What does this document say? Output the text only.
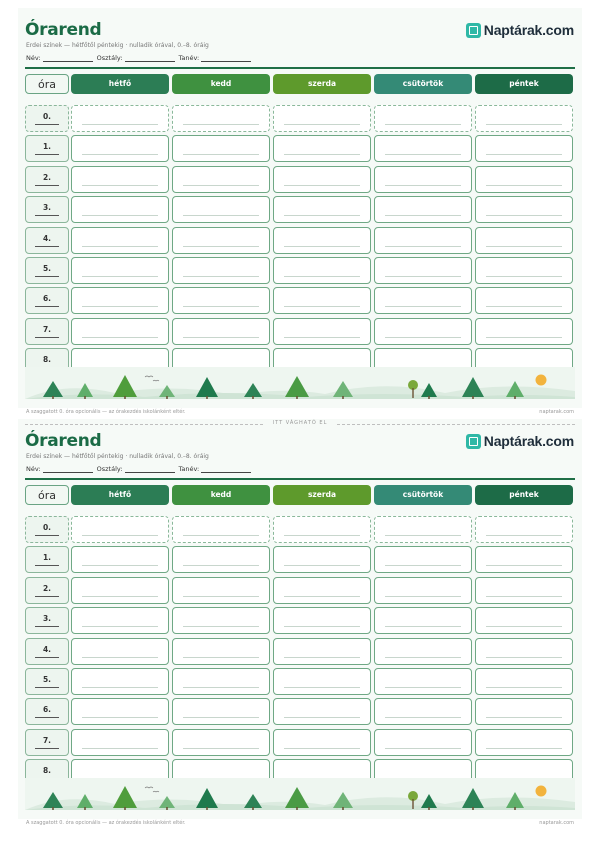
Órarend
Erdei színek — hétfőtől péntekig · nulladik órával, 0.–8. óráig
Név:	Osztály:	Tanév:
Naptárak.com
óra	hétfő	kedd	szerda	csütörtök	péntek
0.
1.
2.
3.
4.
5.
6.
7.
8.
A szaggatott 0. óra opcionális — az órakezdés iskolánként eltér.	naptarak.com
Órarend
Erdei színek — hétfőtől péntekig · nulladik órával, 0.–8. óráig
Név:	Osztály:	Tanév:
Naptárak.com
óra	hétfő	kedd	szerda	csütörtök	péntek
0.
1.
2.
3.
4.
5.
6.
7.
8.
A szaggatott 0. óra opcionális — az órakezdés iskolánként eltér.	naptarak.com
ITT VÁGHATÓ EL
